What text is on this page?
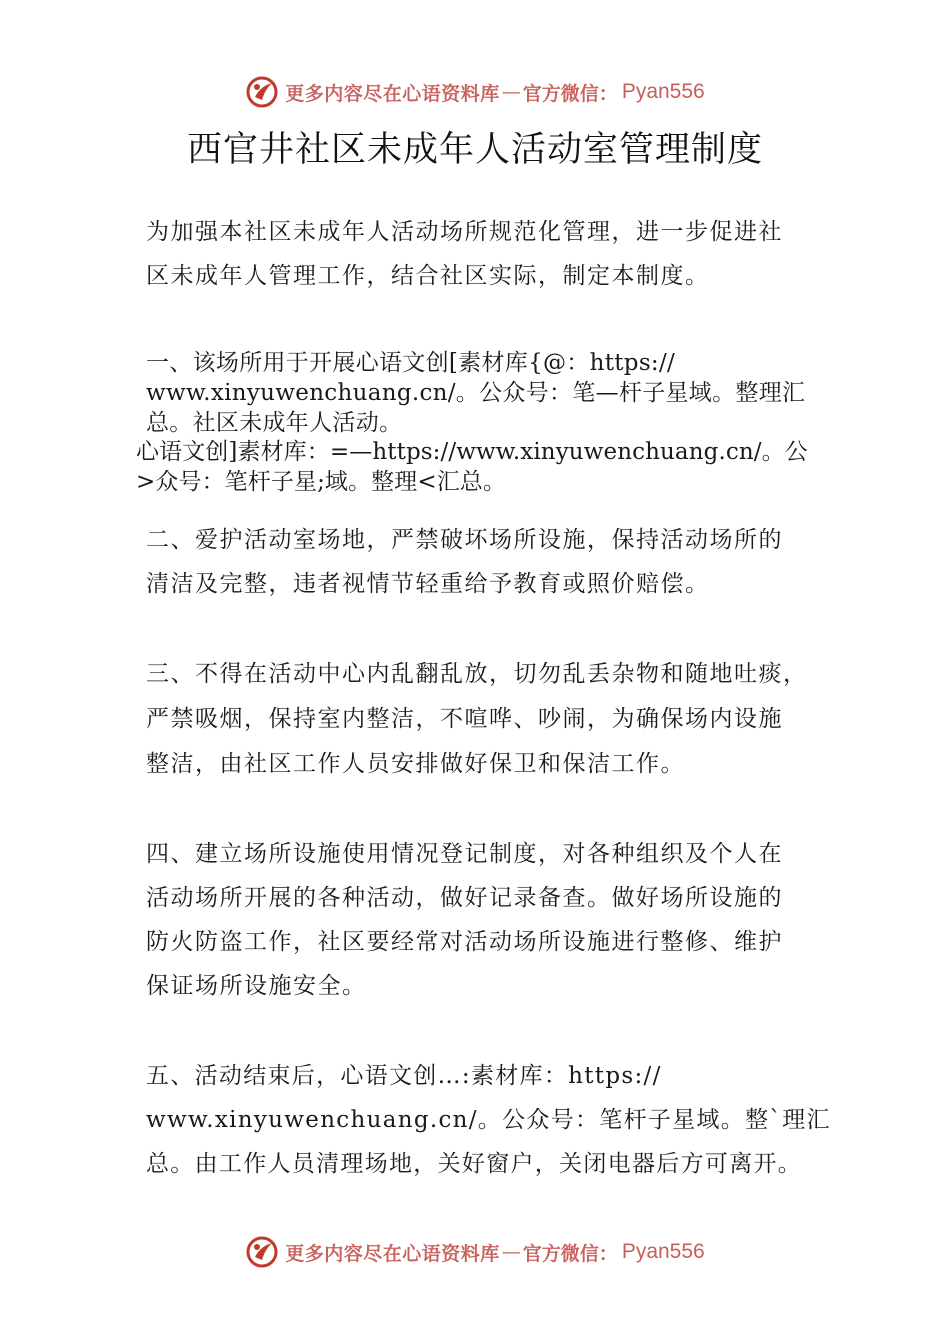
更多内容尽在心语资料库 — 官方微信： Pyan556
西官井社区未成年人活动室管理制度
为加强本社区未成年人活动场所规范化管理，进一步促进社
区未成年人管理工作，结合社区实际，制定本制度。
一、该场所用于开展心语文创[素材库{@：https://
www.xinyuwenchuang.cn/。公众号：笔—杆子星域。整理汇
总。社区未成年人活动。
心语文创]素材库：=—https://www.xinyuwenchuang.cn/。公
>众号：笔杆子星;域。整理<汇总。
二、爱护活动室场地，严禁破坏场所设施，保持活动场所的
清洁及完整，违者视情节轻重给予教育或照价赔偿。
三、不得在活动中心内乱翻乱放，切勿乱丢杂物和随地吐痰，
严禁吸烟，保持室内整洁，不喧哗、吵闹，为确保场内设施
整洁，由社区工作人员安排做好保卫和保洁工作。
四、建立场所设施使用情况登记制度，对各种组织及个人在
活动场所开展的各种活动，做好记录备查。做好场所设施的
防火防盗工作，社区要经常对活动场所设施进行整修、维护
保证场所设施安全。
五、活动结束后，心语文创…:素材库：https://
www.xinyuwenchuang.cn/。公众号：笔杆子星域。整`理汇
总。由工作人员清理场地，关好窗户，关闭电器后方可离开。
更多内容尽在心语资料库 — 官方微信： Pyan556
